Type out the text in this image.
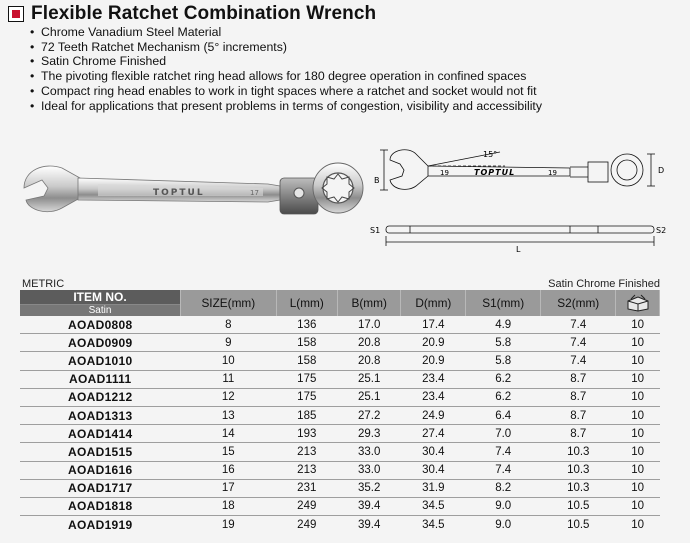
Flexible Ratchet Combination Wrench
• Chrome Vanadium Steel Material
• 72 Teeth Ratchet Mechanism (5° increments)
• Satin Chrome Finished
• The pivoting flexible ratchet ring head allows for 180 degree operation in confined spaces
• Compact ring head enables to work in tight spaces where a ratchet and socket would not fit
• Ideal for applications that present problems in terms of congestion, visibility and accessibility
TOPTUL	17
15°
B
D
19	19
TOPTUL
S1	S2
L
METRIC	Satin Chrome Finished
ITEM NO.
Satin	SIZE(mm)	L(mm)	B(mm)	D(mm)	S1(mm)	S2(mm)	
AOAD0808	8	136	17.0	17.4	4.9	7.4	10
AOAD0909	9	158	20.8	20.9	5.8	7.4	10
AOAD1010	10	158	20.8	20.9	5.8	7.4	10
AOAD1111	11	175	25.1	23.4	6.2	8.7	10
AOAD1212	12	175	25.1	23.4	6.2	8.7	10
AOAD1313	13	185	27.2	24.9	6.4	8.7	10
AOAD1414	14	193	29.3	27.4	7.0	8.7	10
AOAD1515	15	213	33.0	30.4	7.4	10.3	10
AOAD1616	16	213	33.0	30.4	7.4	10.3	10
AOAD1717	17	231	35.2	31.9	8.2	10.3	10
AOAD1818	18	249	39.4	34.5	9.0	10.5	10
AOAD1919	19	249	39.4	34.5	9.0	10.5	10
